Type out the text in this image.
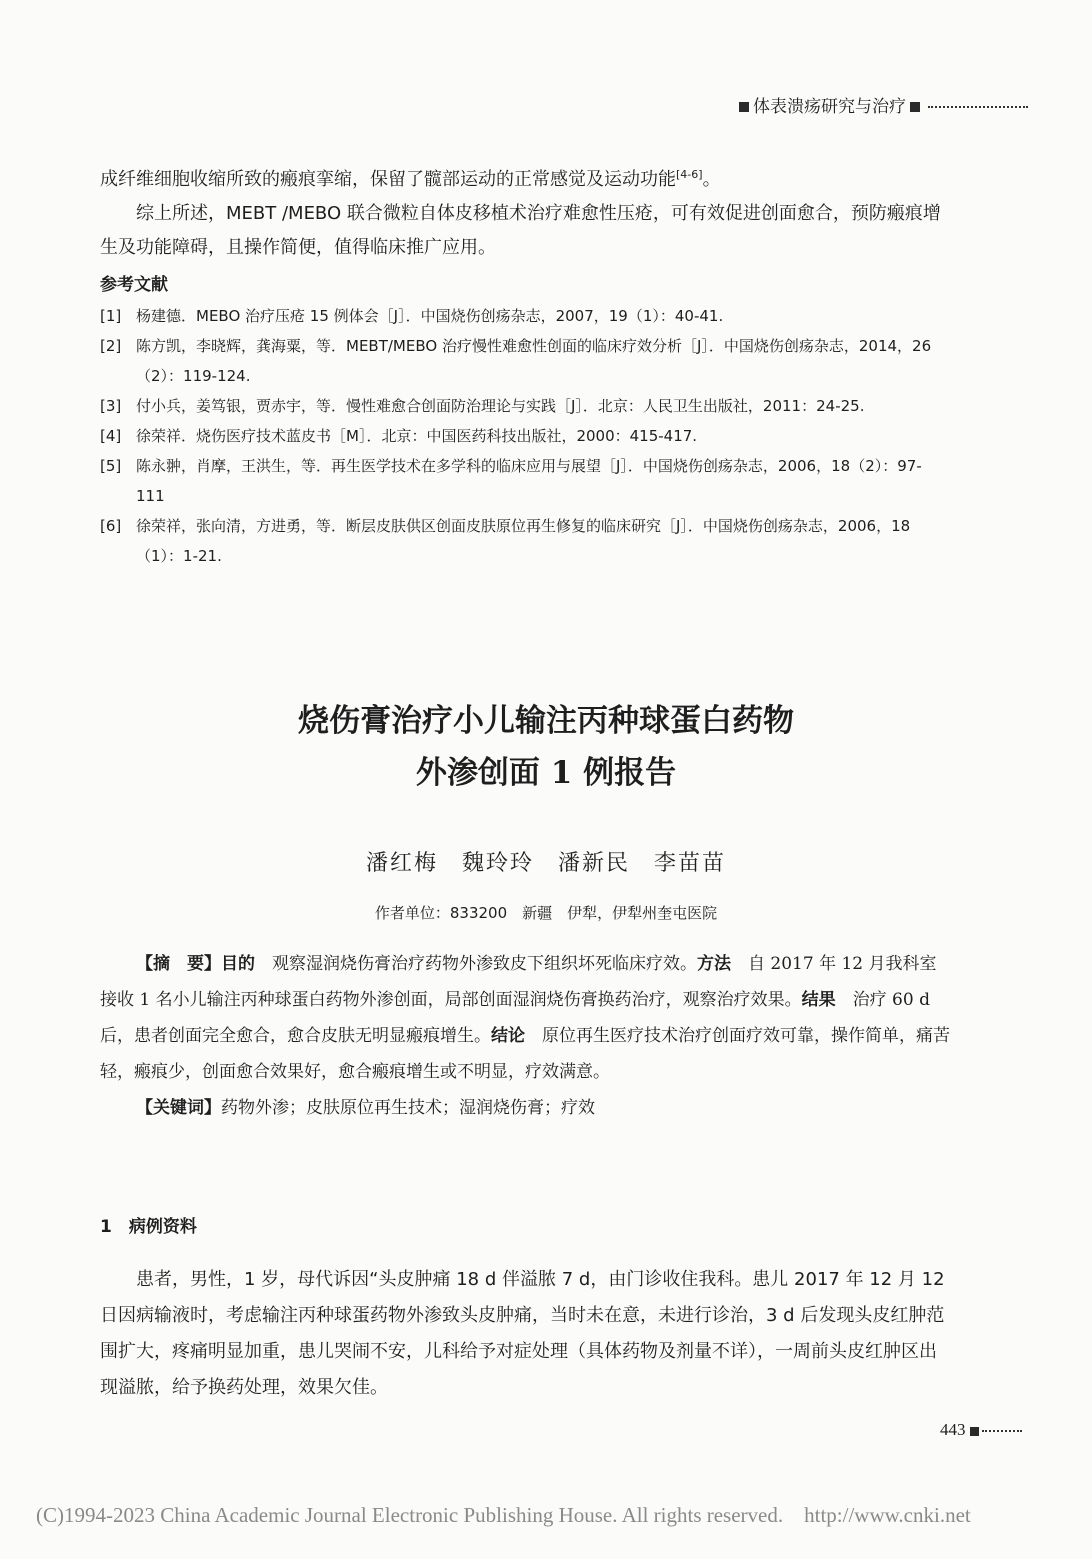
体表溃疡研究与治疗

成纤维细胞收缩所致的瘢痕挛缩，保留了髋部运动的正常感觉及运动功能[4-6]。

综上所述，MEBT /MEBO 联合微粒自体皮移植术治疗难愈性压疮，可有效促进创面愈合，预防瘢痕增生及功能障碍，且操作简便，值得临床推广应用。

参考文献
[1] 杨建德．MEBO 治疗压疮 15 例体会［J］．中国烧伤创疡杂志，2007，19（1）：40-41.
[2] 陈方凯，李晓辉，龚海粟，等．MEBT/MEBO 治疗慢性难愈性创面的临床疗效分析［J］．中国烧伤创疡杂志，2014，26（2）：119-124.
[3] 付小兵，姜笃银，贾赤宇，等．慢性难愈合创面防治理论与实践［J］．北京：人民卫生出版社，2011：24-25.
[4] 徐荣祥．烧伤医疗技术蓝皮书［M］．北京：中国医药科技出版社，2000：415-417.
[5] 陈永翀，肖摩，王洪生，等．再生医学技术在多学科的临床应用与展望［J］．中国烧伤创疡杂志，2006，18（2）：97-111
[6] 徐荣祥，张向清，方进勇，等．断层皮肤供区创面皮肤原位再生修复的临床研究［J］．中国烧伤创疡杂志，2006，18（1）：1-21.
烧伤膏治疗小儿输注丙种球蛋白药物
外渗创面 1 例报告
潘红梅　魏玲玲　潘新民　李苗苗
作者单位：833200　新疆　伊犁，伊犁州奎屯医院

【摘　要】目的　 观察湿润烧伤膏治疗药物外渗致皮下组织坏死临床疗效。方法　 自 2017 年 12 月我科室接收 1 名小儿输注丙种球蛋白药物外渗创面，局部创面湿润烧伤膏换药治疗，观察治疗效果。结果　 治疗 60 d 后，患者创面完全愈合，愈合皮肤无明显瘢痕增生。结论　 原位再生医疗技术治疗创面疗效可靠，操作简单，痛苦轻，瘢痕少，创面愈合效果好，愈合瘢痕增生或不明显，疗效满意。

【关键词】药物外渗；皮肤原位再生技术；湿润烧伤膏；疗效

1　病例资料

患者，男性，1 岁，母代诉因“头皮肿痛 18 d 伴溢脓 7 d，由门诊收住我科。患儿 2017 年 12 月 12 日因病输液时，考虑输注丙种球蛋药物外渗致头皮肿痛，当时未在意，未进行诊治，3 d 后发现头皮红肿范围扩大，疼痛明显加重，患儿哭闹不安，儿科给予对症处理（具体药物及剂量不详），一周前头皮红肿区出现溢脓，给予换药处理，效果欠佳。

443
(C)1994-2023 China Academic Journal Electronic Publishing House. All rights reserved.　http://www.cnki.net
